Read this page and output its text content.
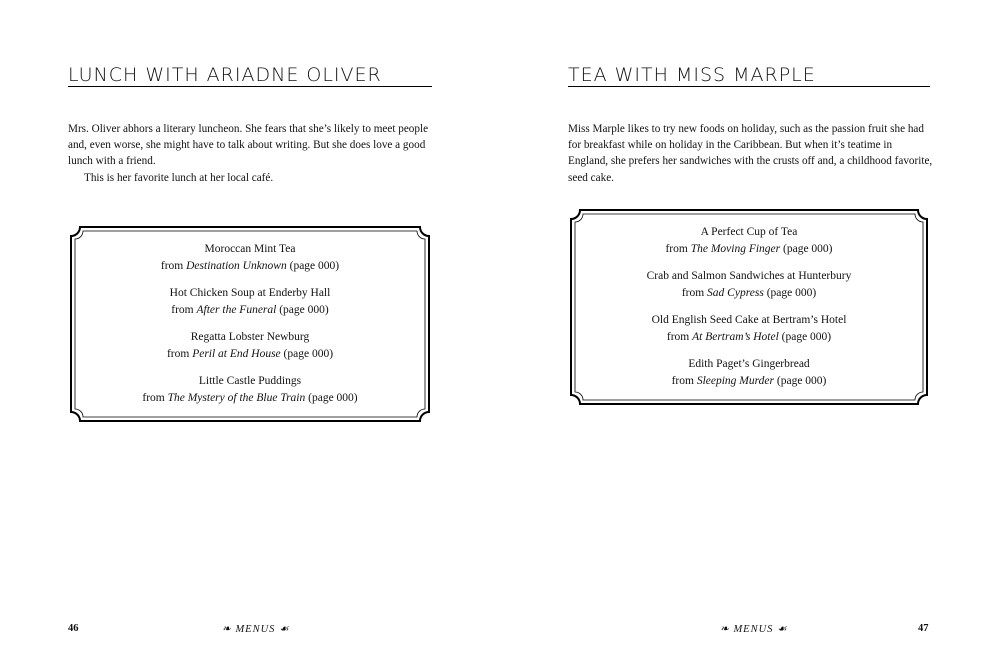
LUNCH WITH ARIADNE OLIVER

Mrs. Oliver abhors a literary luncheon. She fears that she’s likely to meet people and, even worse, she might have to talk about writing. But she does love a good lunch with a friend.

This is her favorite lunch at her local café.

Moroccan Mint Tea
from Destination Unknown (page 000)
Hot Chicken Soup at Enderby Hall
from After the Funeral (page 000)
Regatta Lobster Newburg
from Peril at End House (page 000)
Little Castle Puddings
from The Mystery of the Blue Train (page 000)
46	❧ MENUS ☙
TEA WITH MISS MARPLE

Miss Marple likes to try new foods on holiday, such as the passion fruit she had for breakfast while on holiday in the Caribbean. But when it’s teatime in England, she prefers her sandwiches with the crusts off and, a childhood favorite, seed cake.

A Perfect Cup of Tea
from The Moving Finger (page 000)
Crab and Salmon Sandwiches at Hunterbury
from Sad Cypress (page 000)
Old English Seed Cake at Bertram’s Hotel
from At Bertram’s Hotel (page 000)
Edith Paget’s Gingerbread
from Sleeping Murder (page 000)
❧ MENUS ☙	47
